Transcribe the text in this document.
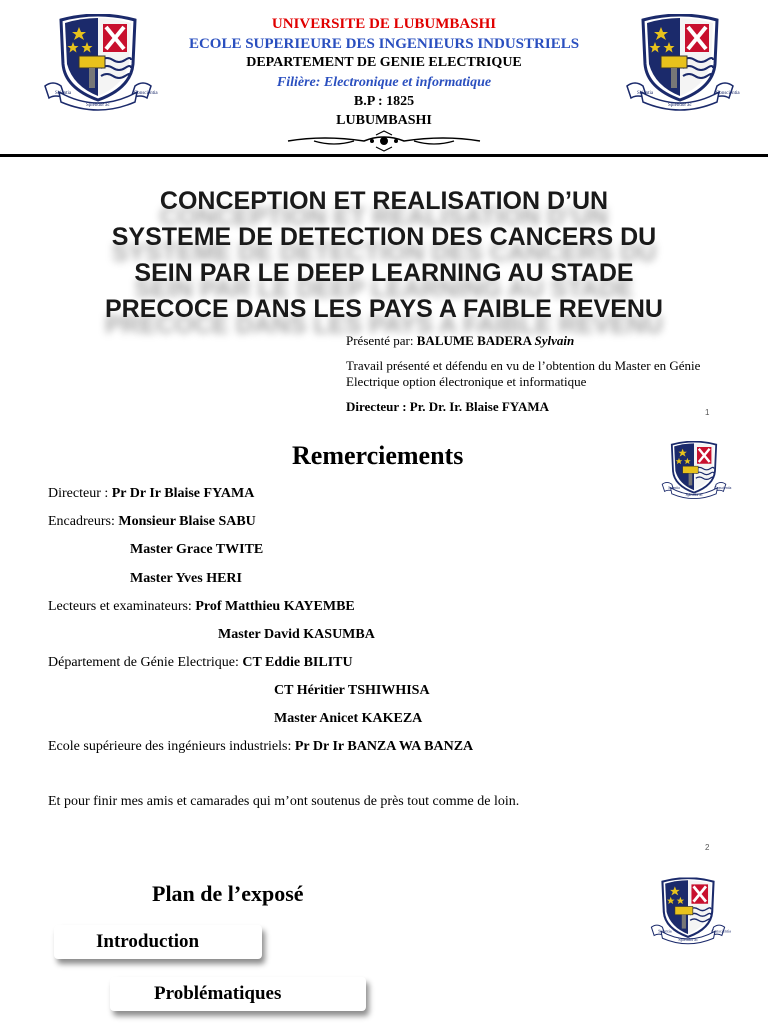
Scientia	Conscientia
Splendor ac
Scientia	Conscientia
Splendor ac
UNIVERSITE DE LUBUMBASHI
ECOLE SUPERIEURE DES INGENIEURS INDUSTRIELS
DEPARTEMENT DE GENIE ELECTRIQUE
Filière: Electronique et informatique
B.P : 1825
LUBUMBASHI
CONCEPTION ET REALISATION D’UN
SYSTEME DE DETECTION DES CANCERS DU
SEIN PAR LE DEEP LEARNING AU STADE
PRECOCE DANS LES PAYS A FAIBLE REVENU
Présenté par: BALUME BADERA Sylvain
Travail présenté et défendu en vu de l’obtention du Master en Génie Electrique option électronique et informatique
Directeur : Pr. Dr. Ir. Blaise FYAMA	1
Scientia	Conscientia
Splendor ac
Remerciements
Directeur : Pr Dr Ir Blaise FYAMA
Encadreurs: Monsieur Blaise SABU
Master Grace TWITE
Master Yves HERI
Lecteurs et examinateurs: Prof Matthieu KAYEMBE
Master David KASUMBA
Département de Génie Electrique: CT Eddie BILITU
CT Héritier TSHIWHISA
Master Anicet KAKEZA
Ecole supérieure des ingénieurs industriels: Pr Dr Ir BANZA WA BANZA
Et pour finir mes amis et camarades qui m’ont soutenus de près tout comme de loin.
2
Plan de l’exposé
Scientia	Conscientia
Splendor ac
Introduction
Problématiques
